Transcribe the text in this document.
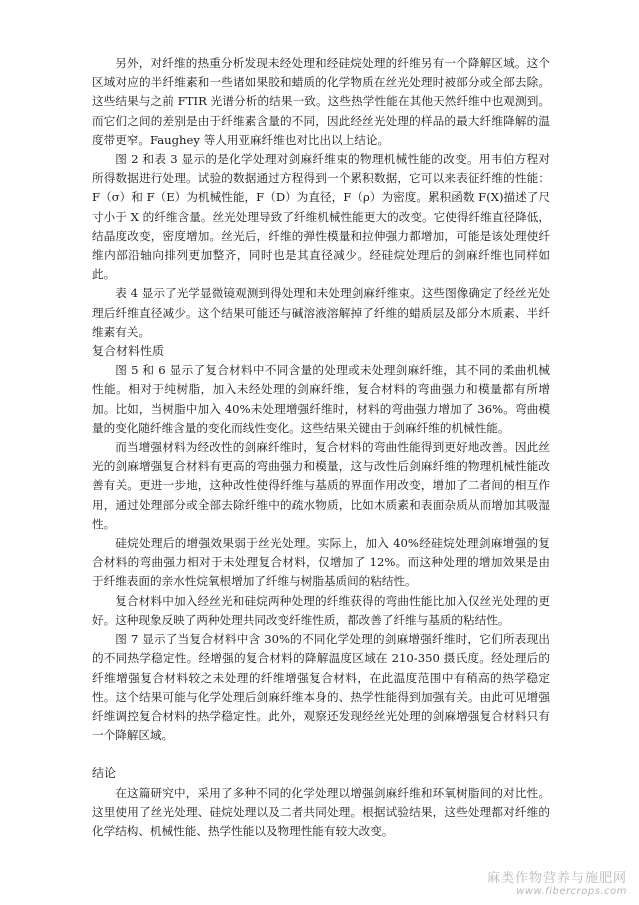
另外，对纤维的热重分析发现未经处理和经硅烷处理的纤维另有一个降解区域。这个区域对应的半纤维素和一些诸如果胶和蜡质的化学物质在丝光处理时被部分或全部去除。这些结果与之前 FTIR 光谱分析的结果一致。这些热学性能在其他天然纤维中也观测到。而它们之间的差别是由于纤维素含量的不同，因此经丝光处理的样品的最大纤维降解的温度带更窄。Faughey 等人用亚麻纤维也对比出以上结论。

图 2 和表 3 显示的是化学处理对剑麻纤维束的物理机械性能的改变。用韦伯方程对所得数据进行处理。试验的数据通过方程得到一个累积数据，它可以来表征纤维的性能：F（σ）和 F（E）为机械性能，F（D）为直径，F（ρ）为密度。累积函数 F(X)描述了尺寸小于 X 的纤维含量。丝光处理导致了纤维机械性能更大的改变。它使得纤维直径降低，结晶度改变，密度增加。丝光后，纤维的弹性模量和拉伸强力都增加，可能是该处理使纤维内部沿轴向排列更加整齐，同时也是其直径减少。经硅烷处理后的剑麻纤维也同样如此。

表 4 显示了光学显微镜观测到得处理和未处理剑麻纤维束。这些图像确定了经丝光处理后纤维直径减少。这个结果可能还与碱溶液溶解掉了纤维的蜡质层及部分木质素、半纤维素有关。

复合材料性质

图 5 和 6 显示了复合材料中不同含量的处理或未处理剑麻纤维，其不同的柔曲机械性能。相对于纯树脂，加入未经处理的剑麻纤维，复合材料的弯曲强力和模量都有所增加。比如，当树脂中加入 40%未处理增强纤维时，材料的弯曲强力增加了 36%。弯曲模量的变化随纤维含量的变化而线性变化。这些结果关键由于剑麻纤维的机械性能。

而当增强材料为经改性的剑麻纤维时，复合材料的弯曲性能得到更好地改善。因此丝光的剑麻增强复合材料有更高的弯曲强力和模量，这与改性后剑麻纤维的物理机械性能改善有关。更进一步地，这种改性使得纤维与基质的界面作用改变，增加了二者间的相互作用，通过处理部分或全部去除纤维中的疏水物质，比如木质素和表面杂质从而增加其吸湿性。

硅烷处理后的增强效果弱于丝光处理。实际上，加入 40%经硅烷处理剑麻增强的复合材料的弯曲强力相对于未处理复合材料，仅增加了 12%。而这种处理的增加效果是由于纤维表面的亲水性烷氧根增加了纤维与树脂基质间的粘结性。

复合材料中加入经丝光和硅烷两种处理的纤维获得的弯曲性能比加入仅丝光处理的更好。这种现象反映了两种处理共同改变纤维性质，都改善了纤维与基质的粘结性。

图 7 显示了当复合材料中含 30%的不同化学处理的剑麻增强纤维时，它们所表现出的不同热学稳定性。经增强的复合材料的降解温度区域在 210-350 摄氏度。经处理后的纤维增强复合材料较之未处理的纤维增强复合材料，在此温度范围中有稍高的热学稳定性。这个结果可能与化学处理后剑麻纤维本身的、热学性能得到加强有关。由此可见增强纤维调控复合材料的热学稳定性。此外，观察还发现经丝光处理的剑麻增强复合材料只有一个降解区域。

结论

在这篇研究中，采用了多种不同的化学处理以增强剑麻纤维和环氧树脂间的对比性。这里使用了丝光处理、硅烷处理以及二者共同处理。根据试验结果，这些处理都对纤维的化学结构、机械性能、热学性能以及物理性能有较大改变。

麻类作物营养与施肥网
www.fibercrops.com
